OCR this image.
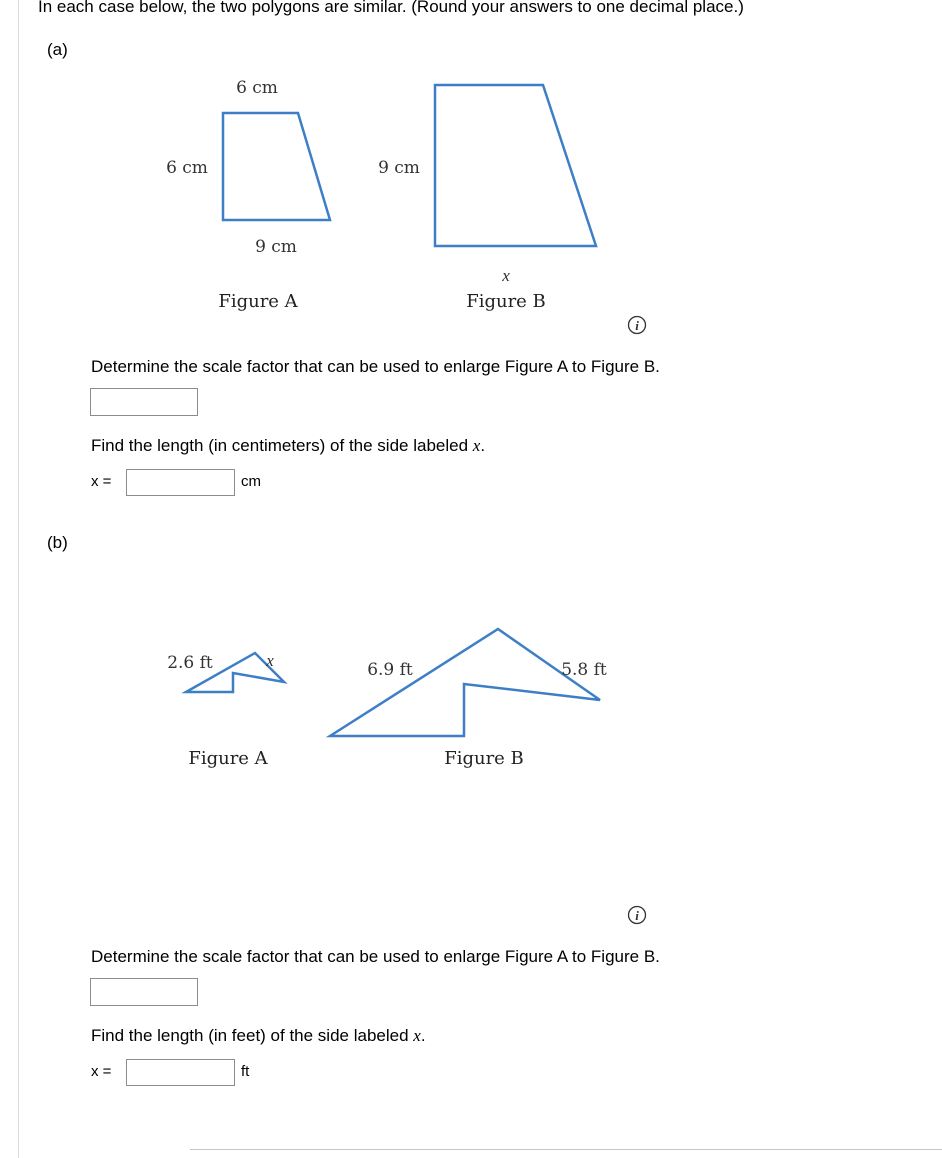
In each case below, the two polygons are similar. (Round your answers to one decimal place.)
(a)
6 cm
6 cm
9 cm
9 cm
x
Figure A	Figure B
2.6 ft	x	6.9 ft	5.8 ft
Figure A	Figure B
i
Determine the scale factor that can be used to enlarge Figure A to Figure B.
Find the length (in centimeters) of the side labeled x.
x =	cm
(b)
i
Determine the scale factor that can be used to enlarge Figure A to Figure B.
Find the length (in feet) of the side labeled x.
x =	ft
